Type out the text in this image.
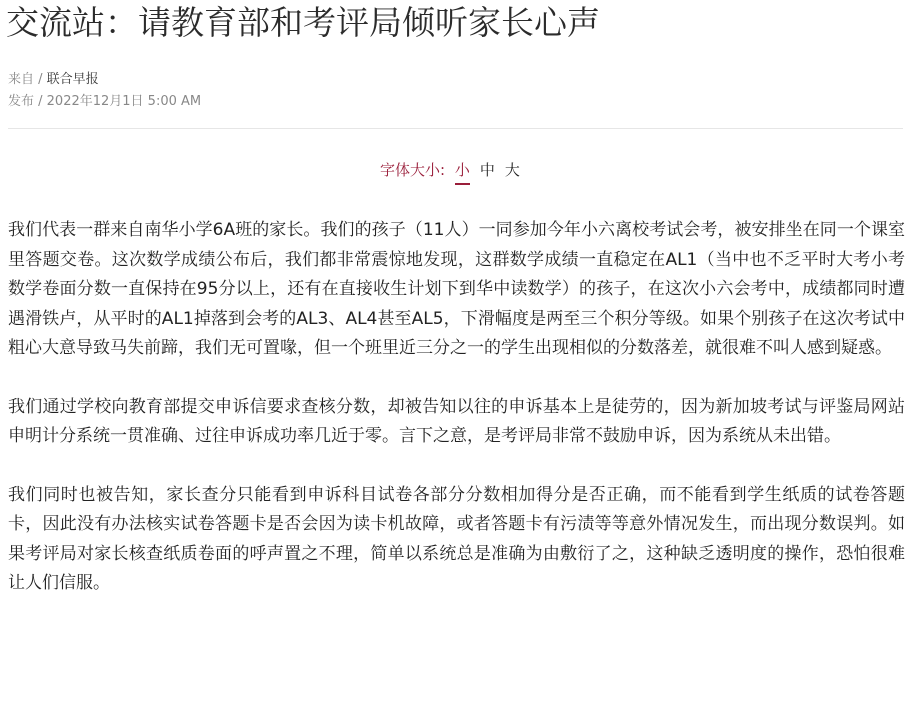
交流站：请教育部和考评局倾听家长心声
来自 / 联合早报
发布 / 2022年12月1日 5:00 AM
字体大小: 小 中 大

我们代表一群来自南华小学6A班的家长。我们的孩子（11人）一同参加今年小六离校考试会考，被安排坐在同一个课室里答题交卷。这次数学成绩公布后，我们都非常震惊地发现，这群数学成绩一直稳定在AL1（当中也不乏平时大考小考数学卷面分数一直保持在95分以上，还有在直接收生计划下到华中读数学）的孩子，在这次小六会考中，成绩都同时遭遇滑铁卢，从平时的AL1掉落到会考的AL3、AL4甚至AL5，下滑幅度是两至三个积分等级。如果个别孩子在这次考试中粗心大意导致马失前蹄，我们无可置喙，但一个班里近三分之一的学生出现相似的分数落差，就很难不叫人感到疑惑。

我们通过学校向教育部提交申诉信要求查核分数，却被告知以往的申诉基本上是徒劳的，因为新加坡考试与评鉴局网站申明计分系统一贯准确、过往申诉成功率几近于零。言下之意，是考评局非常不鼓励申诉，因为系统从未出错。

我们同时也被告知，家长查分只能看到申诉科目试卷各部分分数相加得分是否正确，而不能看到学生纸质的试卷答题卡，因此没有办法核实试卷答题卡是否会因为读卡机故障，或者答题卡有污渍等等意外情况发生，而出现分数误判。如果考评局对家长核查纸质卷面的呼声置之不理，简单以系统总是准确为由敷衍了之，这种缺乏透明度的操作，恐怕很难让人们信服。
